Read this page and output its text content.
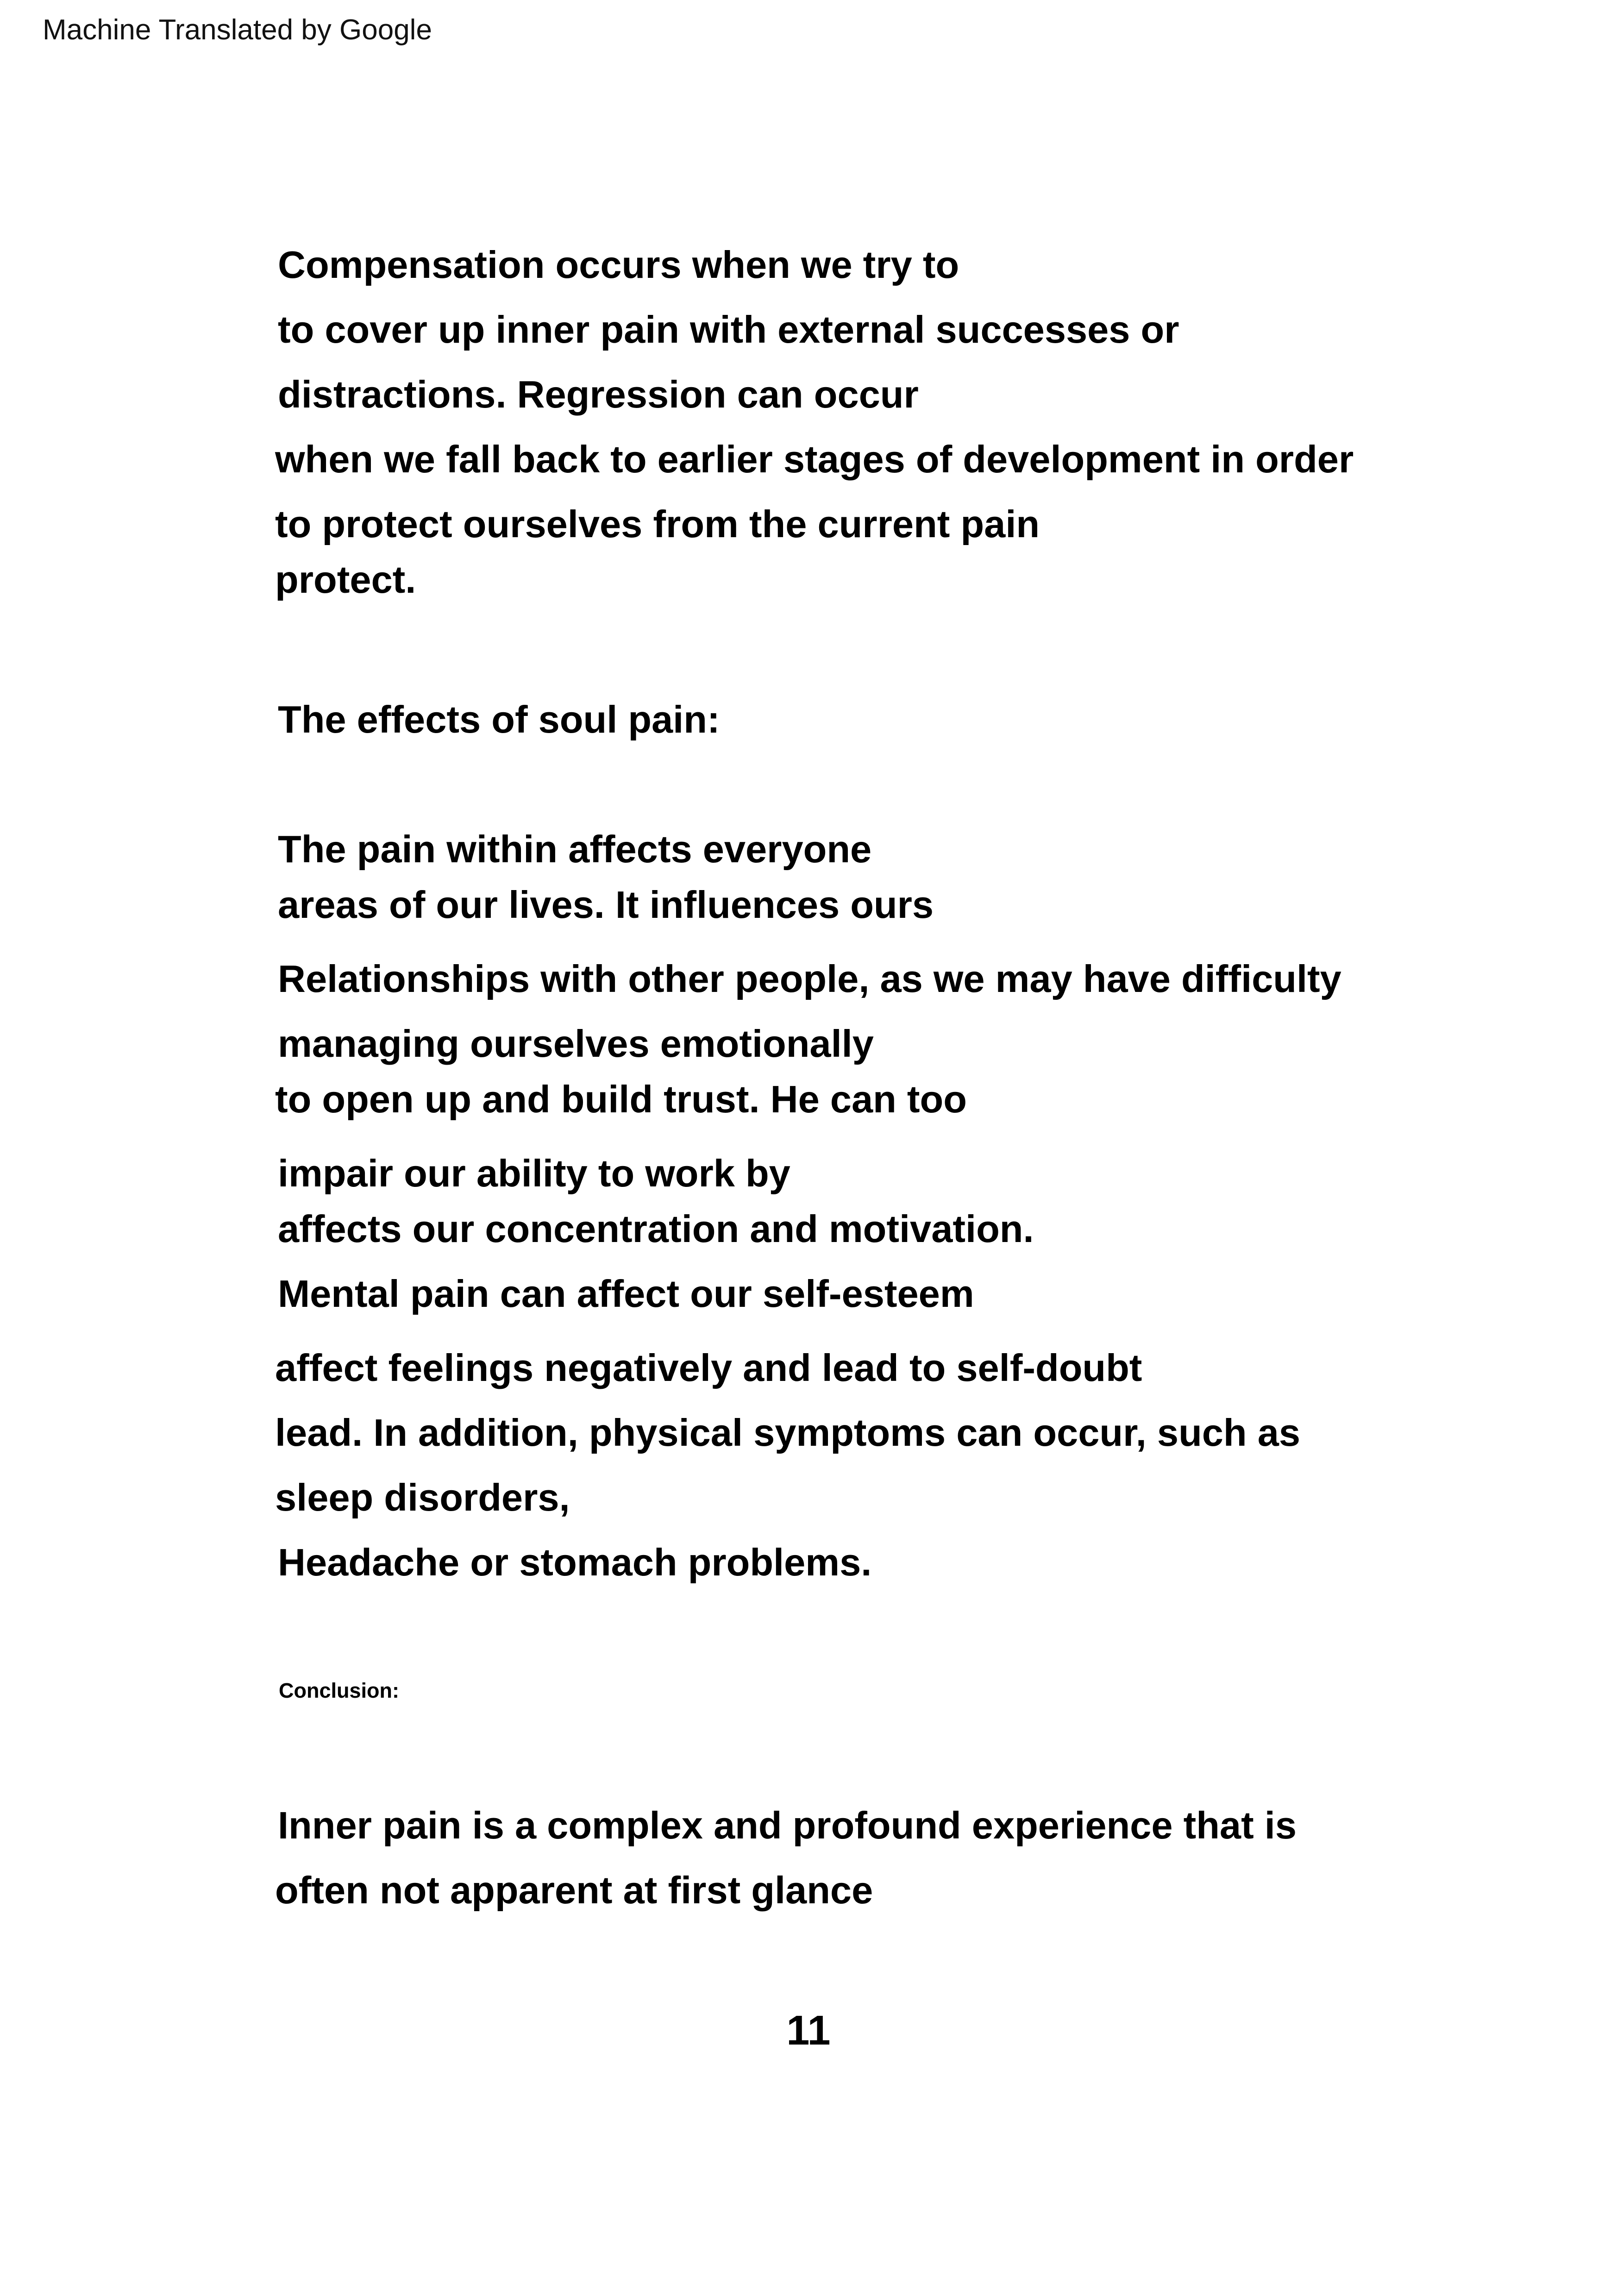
Machine Translated by Google
Compensation occurs when we try to
to cover up inner pain with external successes or
distractions. Regression can occur
when we fall back to earlier stages of development in order
to protect ourselves from the current pain
protect.
The effects of soul pain:
The pain within affects everyone
areas of our lives. It influences ours
Relationships with other people, as we may have difficulty
managing ourselves emotionally
to open up and build trust. He can too
impair our ability to work by
affects our concentration and motivation.
Mental pain can affect our self-esteem
affect feelings negatively and lead to self-doubt
lead. In addition, physical symptoms can occur, such as
sleep disorders,
Headache or stomach problems.
Conclusion:
Inner pain is a complex and profound experience that is
often not apparent at first glance
11
